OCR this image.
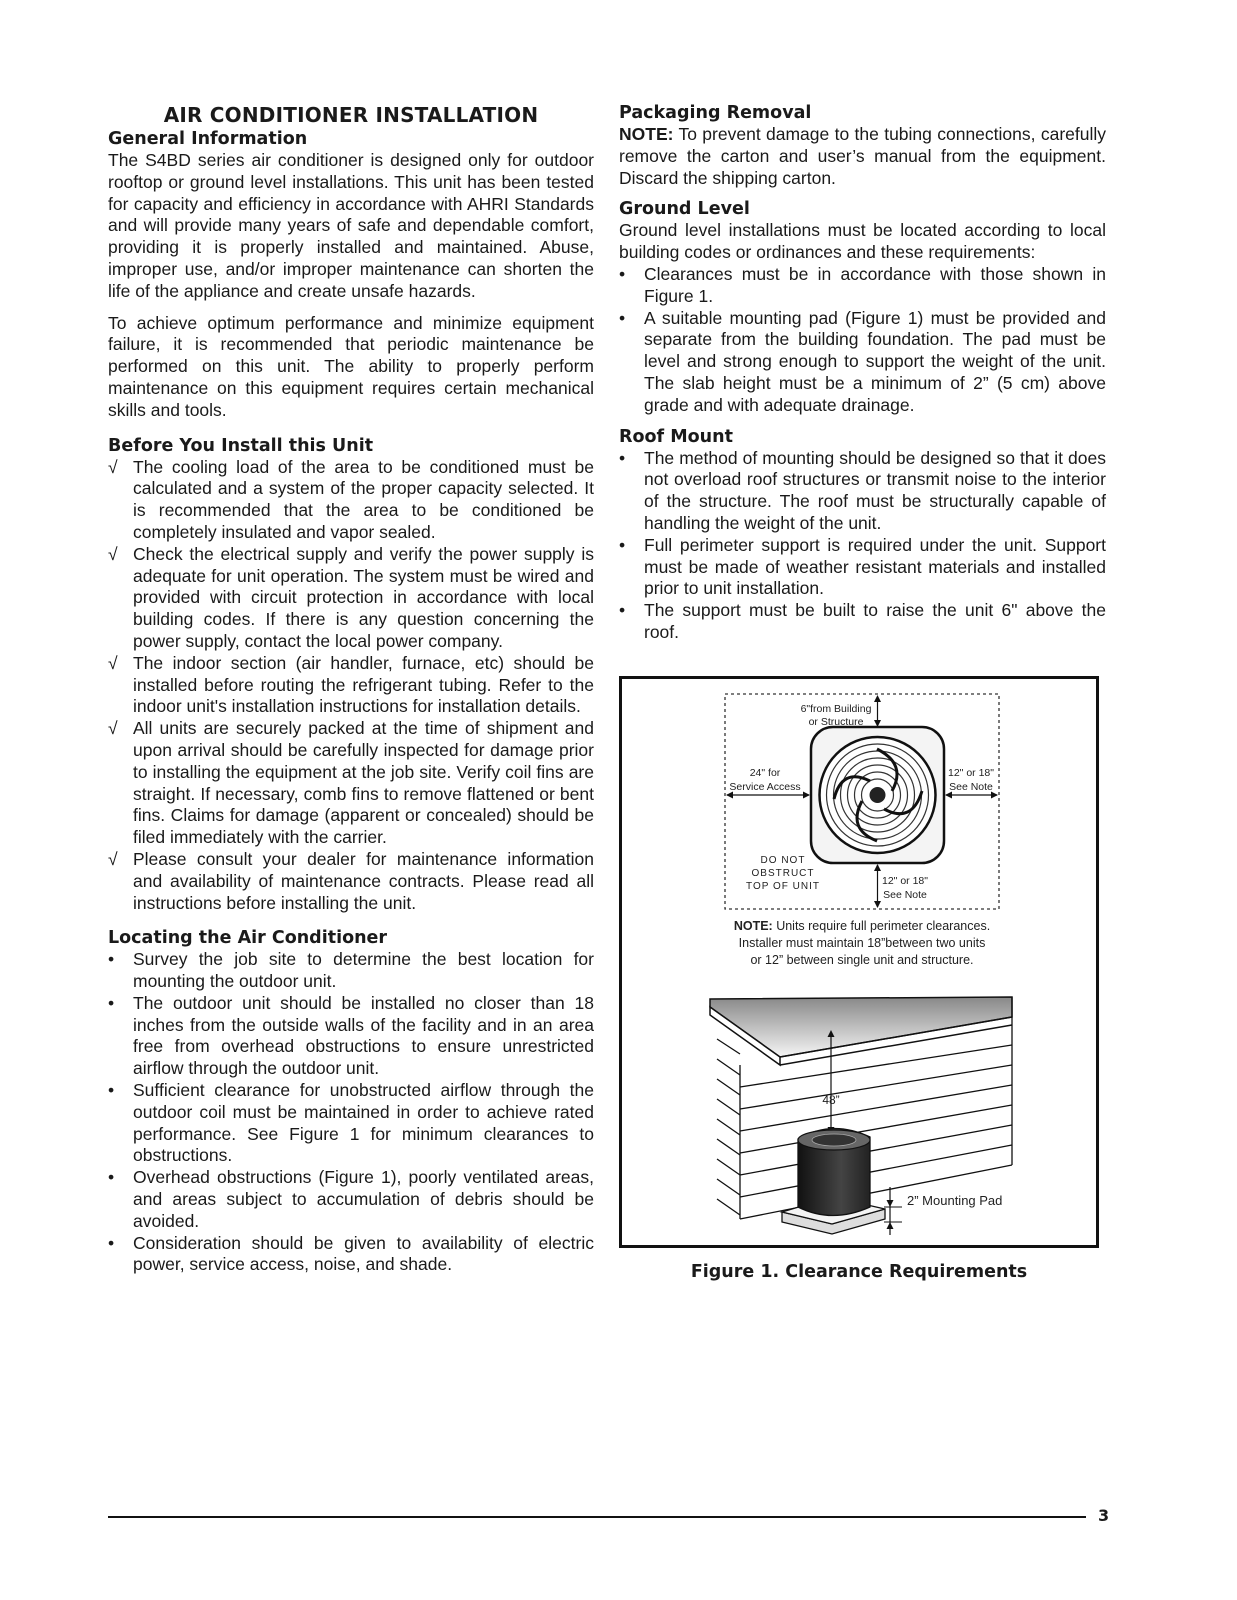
AIR CONDITIONER INSTALLATION
General Information

The S4BD series air conditioner is designed only for outdoor rooftop or ground level installations. This unit has been tested for capacity and efficiency in accordance with AHRI Standards and will provide many years of safe and dependable comfort, providing it is properly installed and maintained. Abuse, improper use, and/or improper maintenance can shorten the life of the appliance and create unsafe hazards.

To achieve optimum performance and minimize equipment failure, it is recommended that periodic maintenance be performed on this unit. The ability to properly perform maintenance on this equipment requires certain mechanical skills and tools.

Before You Install this Unit
√ The cooling load of the area to be conditioned must be calculated and a system of the proper capacity selected. It is recommended that the area to be conditioned be completely insulated and vapor sealed.
√ Check the electrical supply and verify the power supply is adequate for unit operation. The system must be wired and provided with circuit protection in accordance with local building codes. If there is any question concerning the power supply, contact the local power company.
√ The indoor section (air handler, furnace, etc) should be installed before routing the refrigerant tubing. Refer to the indoor unit's installation instructions for installation details.
√ All units are securely packed at the time of shipment and upon arrival should be carefully inspected for damage prior to installing the equipment at the job site. Verify coil fins are straight. If necessary, comb fins to remove flattened or bent fins. Claims for damage (apparent or concealed) should be filed immediately with the carrier.
√ Please consult your dealer for maintenance information and availability of maintenance contracts. Please read all instructions before installing the unit.
Locating the Air Conditioner
•	Survey the job site to determine the best location for mounting the outdoor unit.
•	The outdoor unit should be installed no closer than 18 inches from the outside walls of the facility and in an area free from overhead obstructions to ensure unrestricted airflow through the outdoor unit.
•	Sufficient clearance for unobstructed airflow through the outdoor coil must be maintained in order to achieve rated performance. See Figure 1 for minimum clearances to obstructions.
•	Overhead obstructions (Figure 1), poorly ventilated areas, and areas subject to accumulation of debris should be avoided.
•	Consideration should be given to availability of electric power, service access, noise, and shade.
Packaging Removal

NOTE: To prevent damage to the tubing connections, carefully remove the carton and user’s manual from the equipment. Discard the shipping carton.

Ground Level

Ground level installations must be located according to local building codes or ordinances and these requirements:

•	Clearances must be in accordance with those shown in Figure 1.
•	A suitable mounting pad (Figure 1) must be provided and separate from the building foundation. The pad must be level and strong enough to support the weight of the unit. The slab height must be a minimum of 2” (5 cm) above grade and with adequate drainage.
Roof Mount
•	The method of mounting should be designed so that it does not overload roof structures or transmit noise to the interior of the structure. The roof must be structurally capable of handling the weight of the unit.
•	Full perimeter support is required under the unit. Support must be made of weather resistant materials and installed prior to unit installation.
•	The support must be built to raise the unit 6" above the roof.
6"from Building
or Structure
24" for
Service Access
12" or 18"
See Note
DO NOT
OBSTRUCT
TOP OF UNIT	12" or 18"
See Note
NOTE: Units require full perimeter clearances.
Installer must maintain 18”between two units
or 12” between single unit and structure.
48”
2” Mounting Pad
Figure 1. Clearance Requirements
3
